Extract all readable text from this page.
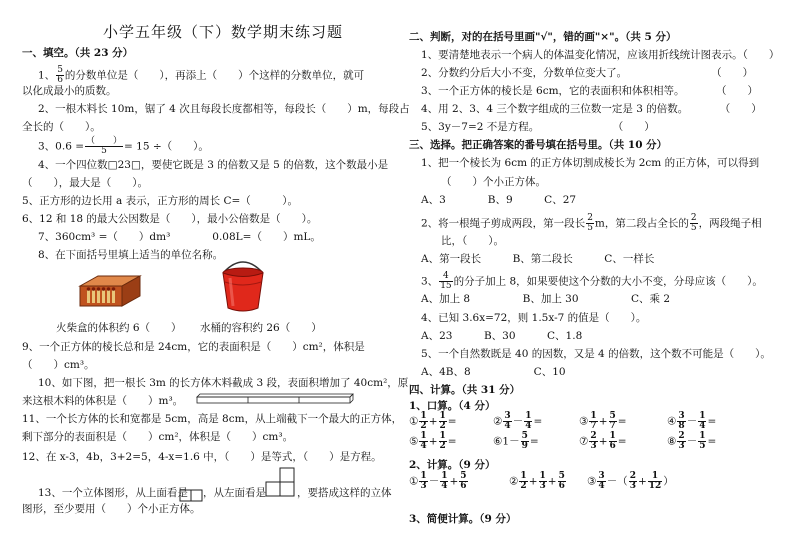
小学五年级（下）数学期末练习题
一、填空。（共 23 分）
1、 $\frac{5}{6}$ 的分数单位是（　　），再添上（　　）个这样的分数单位，就可
以化成最小的质数。
2、一根木料长 10m，锯了 4 次且每段长度都相等，每段长（　　）m，每段占
全长的（　　）。
3、$0.6 = \frac{( )}{5} = 15$ ÷（　　）。
4、一个四位数□23□，要使它既是 3 的倍数又是 5 的倍数，这个数最小是
（　　），最大是（　　）。
5、正方形的边长用 a 表示，正方形的周长 C=（　　　）。
6、12 和 18 的最大公因数是（　　），最小公倍数是（　　）。
7、360cm³ =（　　）dm³　　　　0.08L=（　　）mL。
8、在下面括号里填上适当的单位名称。
火柴盒的体积约 6（　　） 水桶的容积约 26（　　）
9、一个正方体的棱长总和是 24cm，它的表面积是（　　）cm²，体积是
（　　）cm³。
10、如下图，把一根长 3m 的长方体木料截成 3 段，表面积增加了 40cm²，原
来这根木料的体积是（　　）m³。
11、一个长方体的长和宽都是 5cm，高是 8cm，从上端截下一个最大的正方体，
剩下部分的表面积是（　　）cm²，体积是（　　）cm³。
12、在 x-3，4b，3+2=5，4-x=1.6 中，（　　）是等式，（　　）是方程。
13、一个立体图形，从上面看是 ，从左面看是	，要搭成这样的立体
图形，至少要用（　　）个小正方体。
二、判断，对的在括号里画"√"，错的画"×"。（共 5 分）
1、要清楚地表示一个病人的体温变化情况，应该用折线统计图表示。（　　）
2、分数约分后大小不变，分数单位变大了。　　　　　　　　　（　　）
3、一个正方体的棱长是 6cm，它的表面积和体积相等。　　　　（　　）
4、用 2、3、4 三个数字组成的三位数一定是 3 的倍数。　　　　（　　）
5、3y－7=2 不是方程。　　　　　　　　（　　）
三、选择。把正确答案的番号填在括号里。（共 10 分）
1、把一个棱长为 6cm 的正方体切割成棱长为 2cm 的正方体，可以得到
（　　）个小正方体。
A、3　　　　B、9　　　C、27
2、将一根绳子剪成两段，第一段长 $\frac{2}{5}$ m，第二段占全长的 $\frac{2}{5}$ ，两段绳子相
比，（　　）。
A、第一段长　　　B、第二段长　　　C、一样长
3、 $\frac{4}{15}$ 的分子加上 8，如果要使这个分数的大小不变，分母应该（　　）。
A、加上 8　　　　　B、加上 30　　　　　C、乘 2
4、已知 3.6x=72，则 1.5x-7 的值是（　　）。
A、23　　　B、30　　　C、1.8
5、一个自然数既是 40 的因数，又是 4 的倍数，这个数不可能是（　　）。
A、4B、8　　　　　　C、10
四、计算。（共 31 分）
1、口算。（4 分）
① $\frac{1}{2} + \frac{1}{2}$ =	② $\frac{3}{4} - \frac{1}{4}$ =	③ $\frac{1}{7} + \frac{5}{7}$ =	④ $\frac{3}{8} - \frac{1}{4}$ =
⑤ $\frac{1}{4} + \frac{1}{2}$ =	⑥1－ $\frac{5}{9}$ =	⑦ $\frac{2}{3} + \frac{1}{6}$ =	⑧ $\frac{2}{3} - \frac{1}{5}$ =
2、计算。（9 分）
① $\frac{1}{3} - \frac{1}{4} + \frac{5}{6}$	② $\frac{1}{2} + \frac{1}{3} + \frac{5}{6}$ ③ $\frac{3}{4}$ －（ $\frac{2}{3} + \frac{1}{12}$ ）
3、简便计算。（9 分）
